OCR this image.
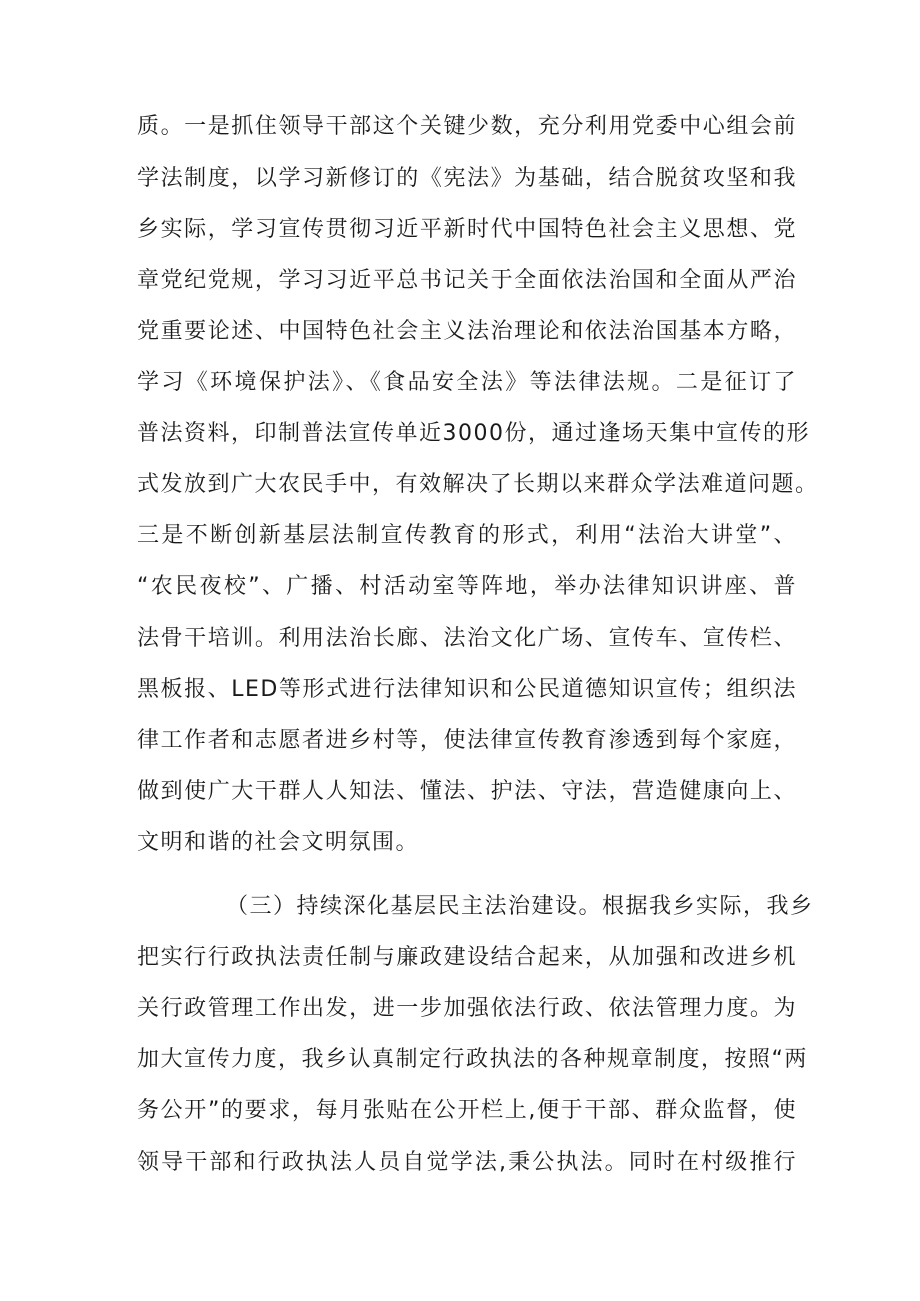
质。一是抓住领导干部这个关键少数，充分利用党委中心组会前
学法制度，以学习新修订的《宪法》为基础，结合脱贫攻坚和我
乡实际，学习宣传贯彻习近平新时代中国特色社会主义思想、党
章党纪党规，学习习近平总书记关于全面依法治国和全面从严治
党重要论述、中国特色社会主义法治理论和依法治国基本方略，
学习《环境保护法》、《食品安全法》等法律法规。二是征订了
普法资料，印制普法宣传单近3000份，通过逢场天集中宣传的形
式发放到广大农民手中，有效解决了长期以来群众学法难道问题。
三是不断创新基层法制宣传教育的形式，利用“法治大讲堂”、
“农民夜校”、广播、村活动室等阵地，举办法律知识讲座、普
法骨干培训。利用法治长廊、法治文化广场、宣传车、宣传栏、
黑板报、LED等形式进行法律知识和公民道德知识宣传；组织法
律工作者和志愿者进乡村等，使法律宣传教育渗透到每个家庭，
做到使广大干群人人知法、懂法、护法、守法，营造健康向上、
文明和谐的社会文明氛围。
（三）持续深化基层民主法治建设。根据我乡实际，我乡
把实行行政执法责任制与廉政建设结合起来，从加强和改进乡机
关行政管理工作出发，进一步加强依法行政、依法管理力度。为
加大宣传力度，我乡认真制定行政执法的各种规章制度，按照“两
务公开”的要求，每月张贴在公开栏上,便于干部、群众监督，使
领导干部和行政执法人员自觉学法,秉公执法。同时在村级推行
